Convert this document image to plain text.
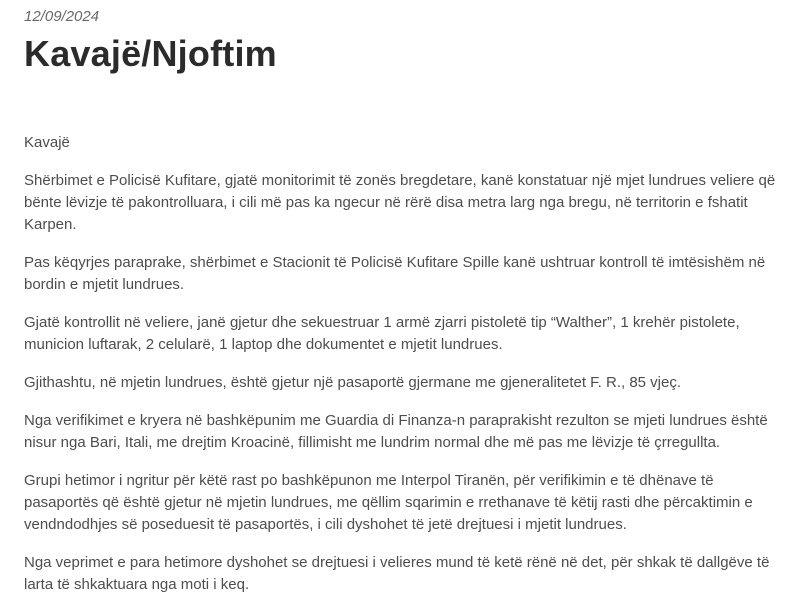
12/09/2024
Kavajë/Njoftim

Kavajë

Shërbimet e Policisë Kufitare, gjatë monitorimit të zonës bregdetare, kanë konstatuar një mjet lundrues veliere që bënte lëvizje të pakontrolluara, i cili më pas ka ngecur në rërë disa metra larg nga bregu, në territorin e fshatit Karpen.

Pas këqyrjes paraprake, shërbimet e Stacionit të Policisë Kufitare Spille kanë ushtruar kontroll të imtësishëm në bordin e mjetit lundrues.

Gjatë kontrollit në veliere, janë gjetur dhe sekuestruar 1 armë zjarri pistoletë tip “Walther”, 1 krehër pistolete, municion luftarak, 2 celularë, 1 laptop dhe dokumentet e mjetit lundrues.

Gjithashtu, në mjetin lundrues, është gjetur një pasaportë gjermane me gjeneralitetet F. R., 85 vjeç.

Nga verifikimet e kryera në bashkëpunim me Guardia di Finanza-n paraprakisht rezulton se mjeti lundrues është nisur nga Bari, Itali, me drejtim Kroacinë, fillimisht me lundrim normal dhe më pas me lëvizje të çrregullta.

Grupi hetimor i ngritur për këtë rast po bashkëpunon me Interpol Tiranën, për verifikimin e të dhënave të pasaportës që është gjetur në mjetin lundrues, me qëllim sqarimin e rrethanave të këtij rasti dhe përcaktimin e vendndodhjes së poseduesit të pasaportës, i cili dyshohet të jetë drejtuesi i mjetit lundrues.

Nga veprimet e para hetimore dyshohet se drejtuesi i velieres mund të ketë rënë në det, për shkak të dallgëve të larta të shkaktuara nga moti i keq.
